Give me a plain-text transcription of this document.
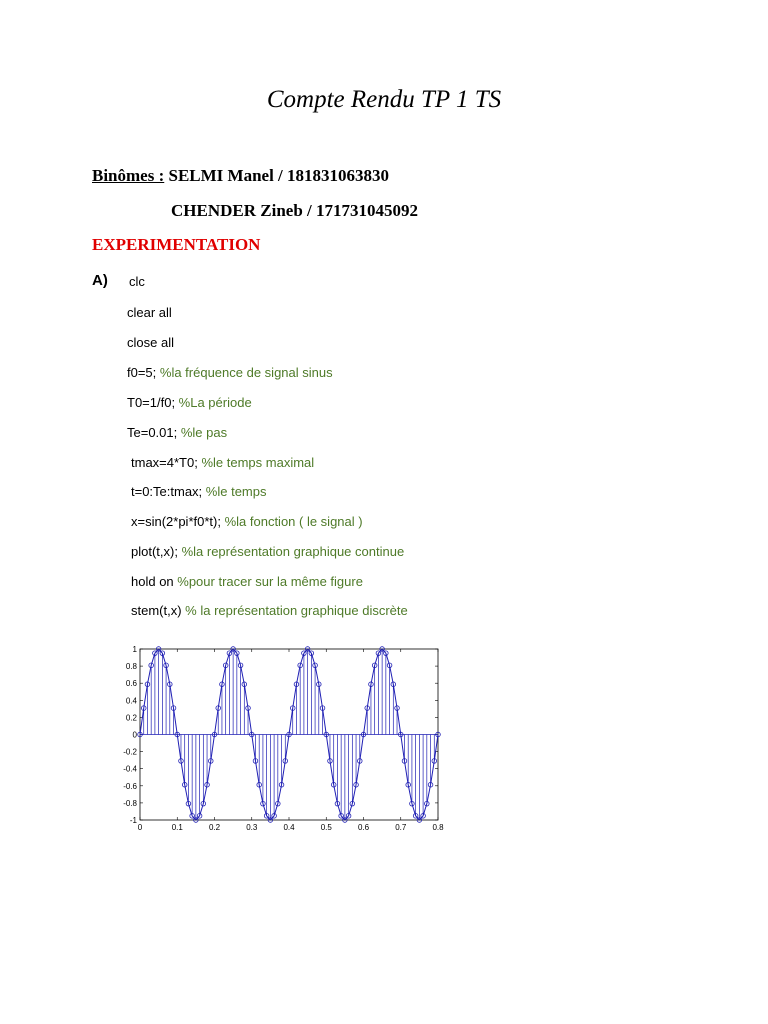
Compte Rendu TP 1 TS
Binômes : SELMI Manel / 181831063830
CHENDER Zineb / 171731045092
EXPERIMENTATION
A) clc
clear all
close all
f0=5; %la fréquence de signal sinus
T0=1/f0; %La période
Te=0.01; %le pas
tmax=4*T0; %le temps maximal
t=0:Te:tmax; %le temps
x=sin(2*pi*f0*t); %la fonction ( le signal )
plot(t,x); %la représentation graphique continue
hold on %pour tracer sur la même figure
stem(t,x) % la représentation graphique discrète
1
0.8
0.6
0.4
0.2
0
-0.2
-0.4
-0.6
-0.8
-1
0	0.1	0.2	0.3	0.4	0.5	0.6	0.7	0.8
